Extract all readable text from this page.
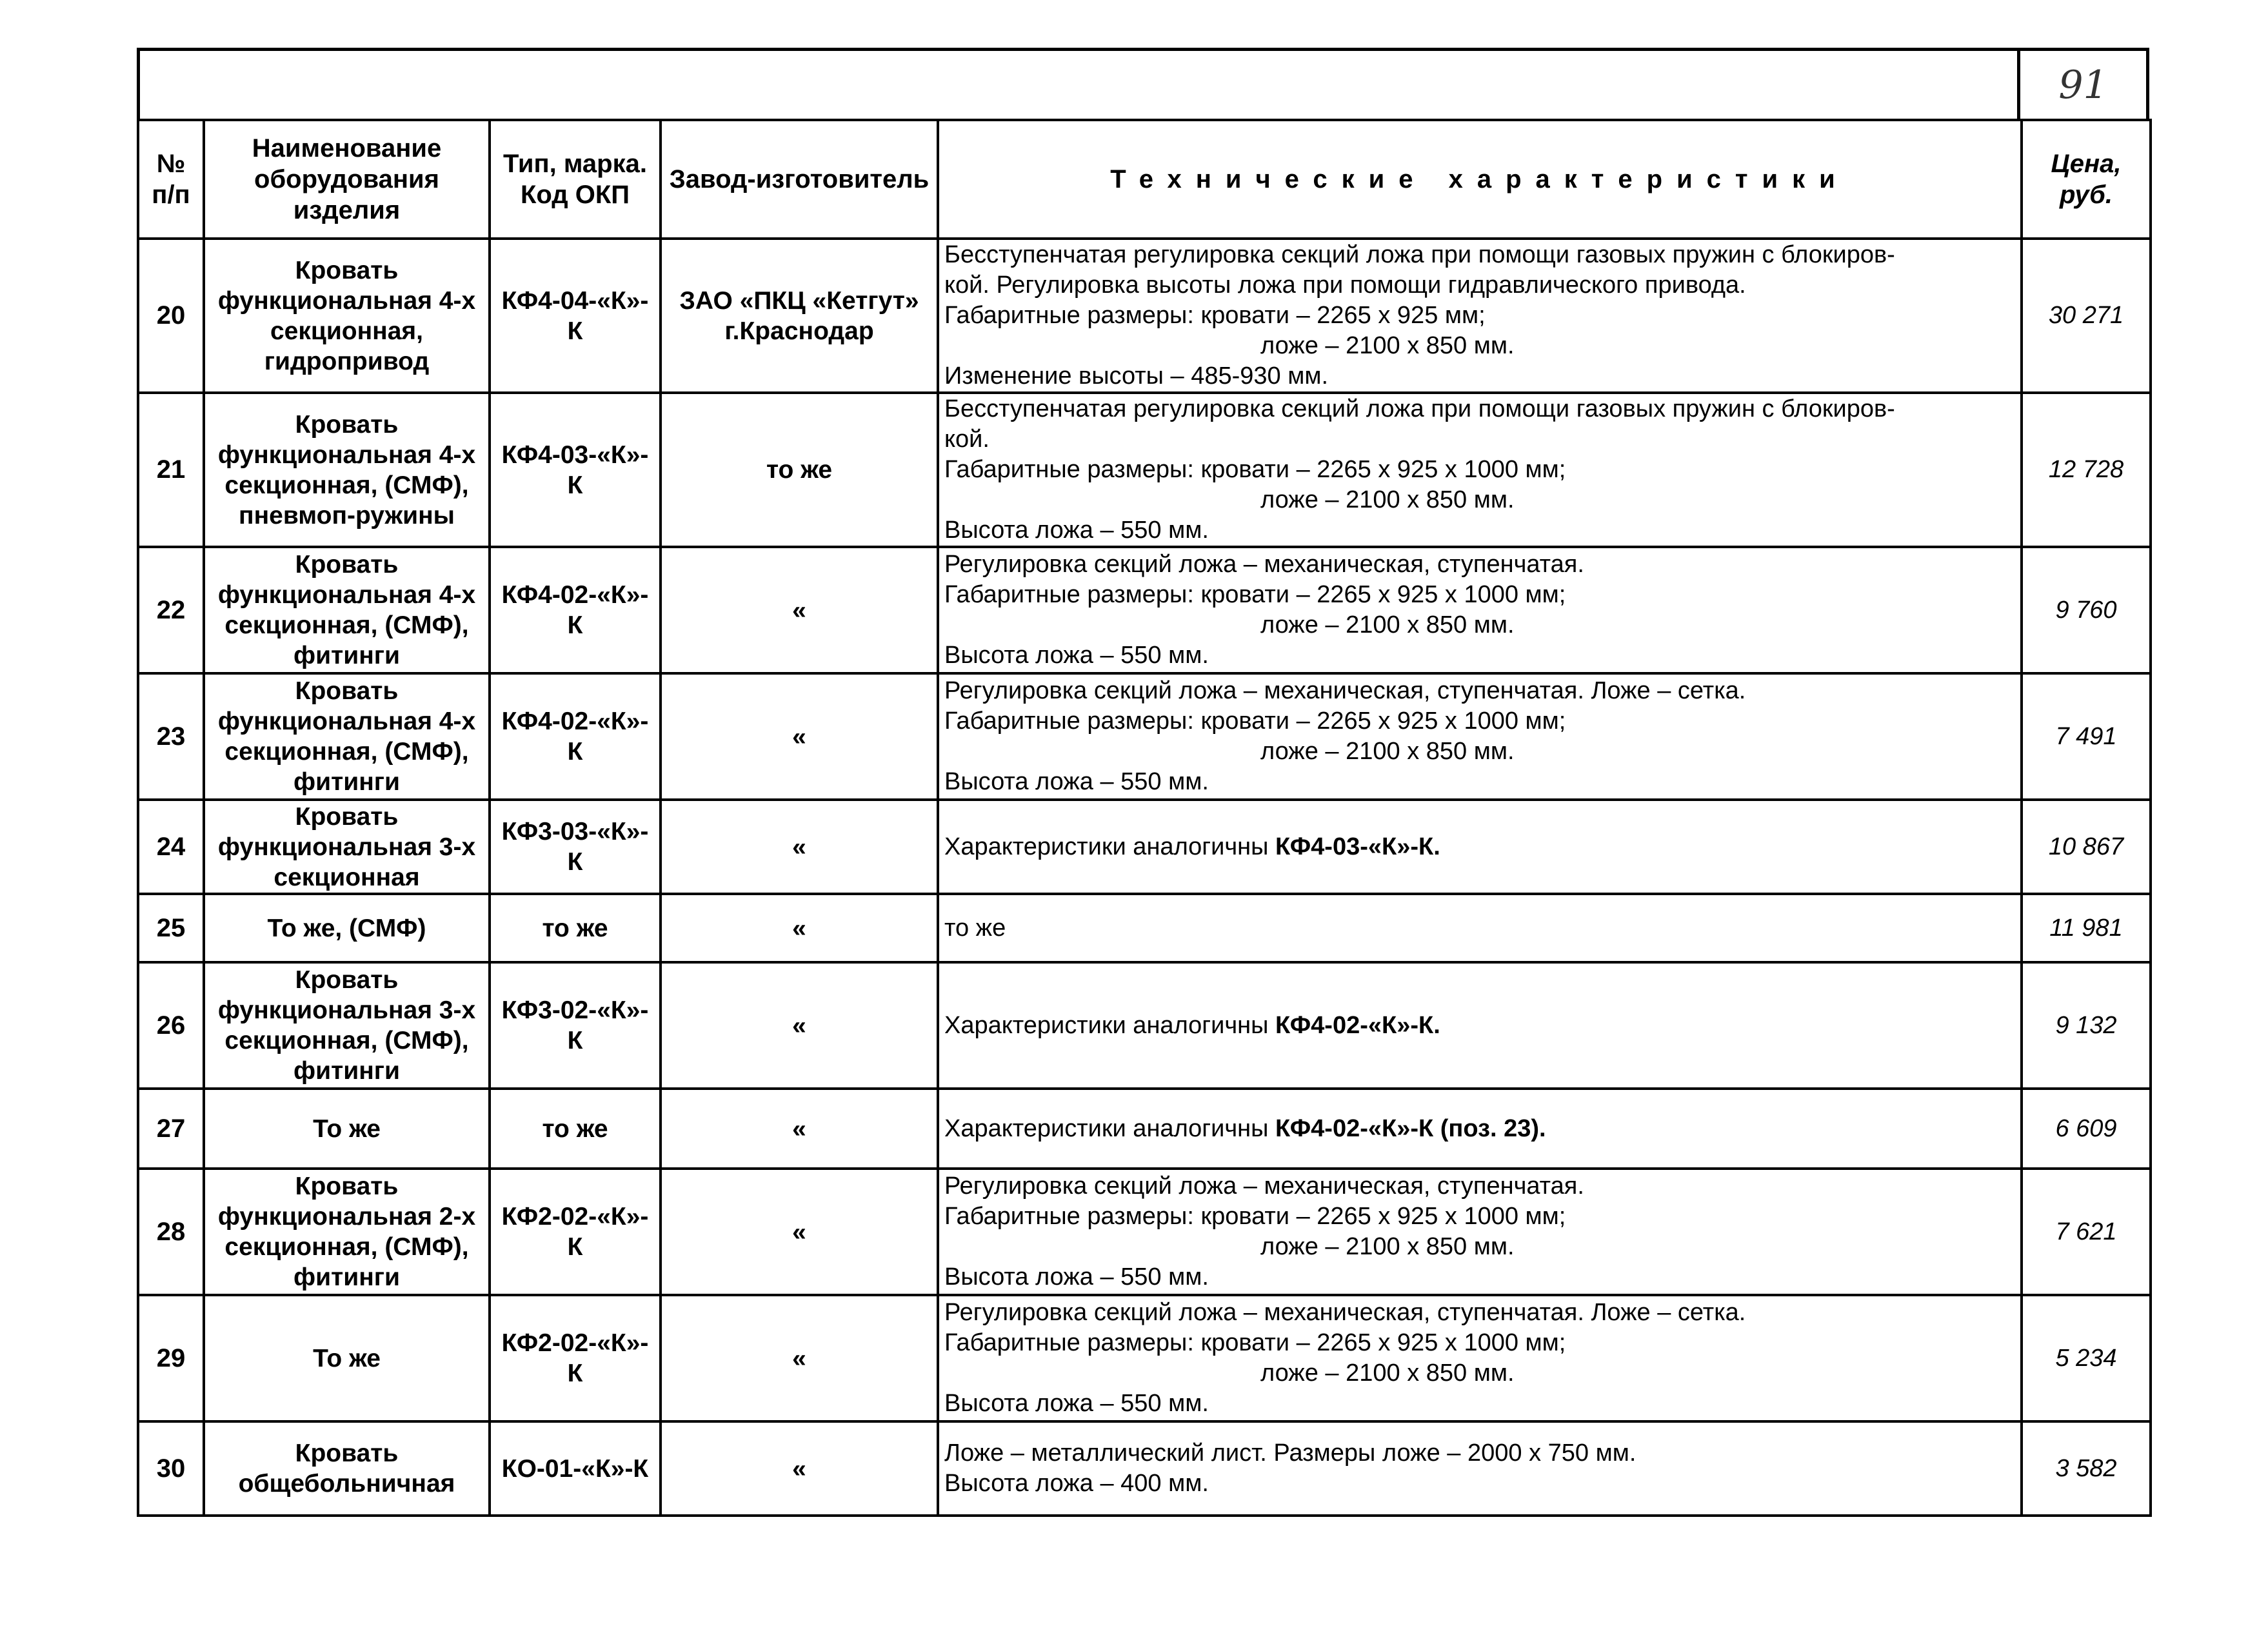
91
№ п/п	Наименование оборудования изделия	Тип, марка. Код ОКП	Завод-изготовитель	Технические характеристики	Цена, руб.
20	Кровать функциональная 4-х секционная, гидропривод	КФ4-04-«К»-К	ЗАО «ПКЦ «Кетгут» г.Краснодар	Бесступенчатая регулировка секций ложа при помощи газовых пружин с блокиров-
кой. Регулировка высоты ложа при помощи гидравлического привода.
Габаритные размеры: кровати – 2265 х 925 мм;
ложе – 2100 х 850 мм.
Изменение высоты – 485-930 мм.	30 271
21	Кровать функциональная 4-х секционная, (СМФ), пневмоп-ружины	КФ4-03-«К»-К	то же	Бесступенчатая регулировка секций ложа при помощи газовых пружин с блокиров-
кой.
Габаритные размеры: кровати – 2265 х 925 х 1000 мм;
ложе – 2100 х 850 мм.
Высота ложа – 550 мм.	12 728
22	Кровать функциональная 4-х секционная, (СМФ), фитинги	КФ4-02-«К»-К	«	Регулировка секций ложа – механическая, ступенчатая.
Габаритные размеры: кровати – 2265 х 925 х 1000 мм;
ложе – 2100 х 850 мм.
Высота ложа – 550 мм.	9 760
23	Кровать функциональная 4-х секционная, (СМФ), фитинги	КФ4-02-«К»-К	«	Регулировка секций ложа – механическая, ступенчатая. Ложе – сетка.
Габаритные размеры: кровати – 2265 х 925 х 1000 мм;
ложе – 2100 х 850 мм.
Высота ложа – 550 мм.	7 491
24	Кровать функциональная 3-х секционная	КФ3-03-«К»-К	«	Характеристики аналогичны КФ4-03-«К»-К.	10 867
25	То же, (СМФ)	то же	«	то же	11 981
26	Кровать функциональная 3-х секционная, (СМФ), фитинги	КФ3-02-«К»-К	«	Характеристики аналогичны КФ4-02-«К»-К.	9 132
27	То же	то же	«	Характеристики аналогичны КФ4-02-«К»-К (поз. 23).	6 609
28	Кровать функциональная 2-х секционная, (СМФ), фитинги	КФ2-02-«К»-К	«	Регулировка секций ложа – механическая, ступенчатая.
Габаритные размеры: кровати – 2265 х 925 х 1000 мм;
ложе – 2100 х 850 мм.
Высота ложа – 550 мм.	7 621
29	То же	КФ2-02-«К»-К	«	Регулировка секций ложа – механическая, ступенчатая. Ложе – сетка.
Габаритные размеры: кровати – 2265 х 925 х 1000 мм;
ложе – 2100 х 850 мм.
Высота ложа – 550 мм.	5 234
30	Кровать общебольничная	КО-01-«К»-К	«	Ложе – металлический лист. Размеры ложе – 2000 х 750 мм.
Высота ложа – 400 мм.	3 582
